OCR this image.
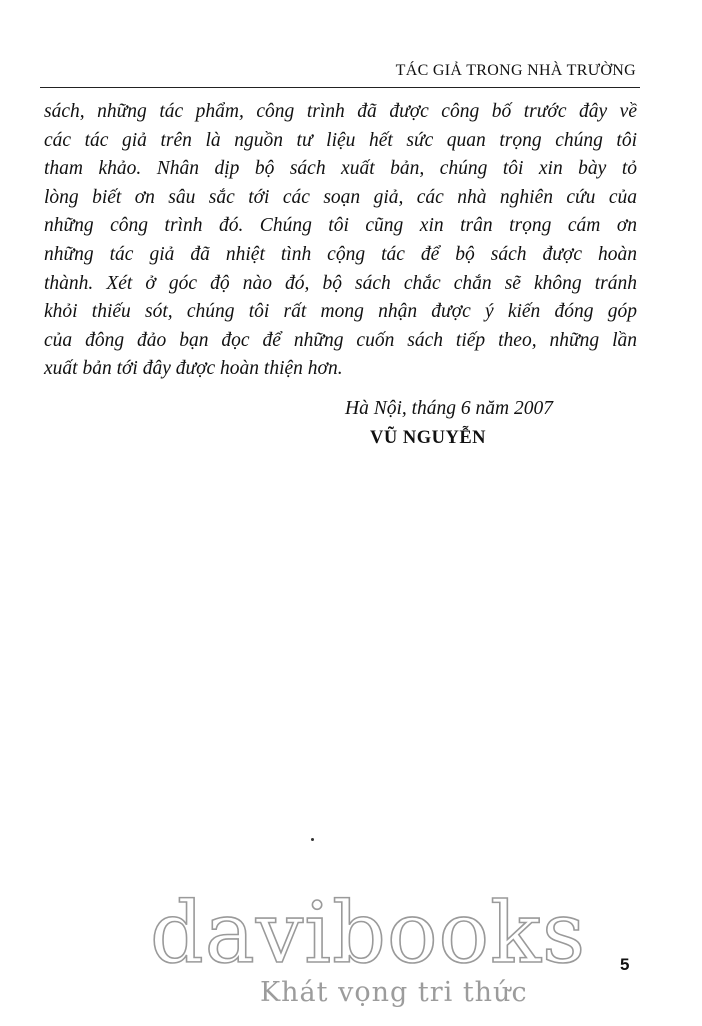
TÁC GIẢ TRONG NHÀ TRƯỜNG

sách, những tác phẩm, công trình đã được công bố trước đây về
các tác giả trên là nguồn tư liệu hết sức quan trọng chúng tôi
tham khảo. Nhân dịp bộ sách xuất bản, chúng tôi xin bày tỏ
lòng biết ơn sâu sắc tới các soạn giả, các nhà nghiên cứu của
những công trình đó. Chúng tôi cũng xin trân trọng cám ơn
những tác giả đã nhiệt tình cộng tác để bộ sách được hoàn
thành. Xét ở góc độ nào đó, bộ sách chắc chắn sẽ không tránh
khỏi thiếu sót, chúng tôi rất mong nhận được ý kiến đóng góp
của đông đảo bạn đọc để những cuốn sách tiếp theo, những lần
xuất bản tới đây được hoàn thiện hơn.

Hà Nội, tháng 6 năm 2007
VŨ NGUYỄN
davibooks
Khát vọng tri thức
5
